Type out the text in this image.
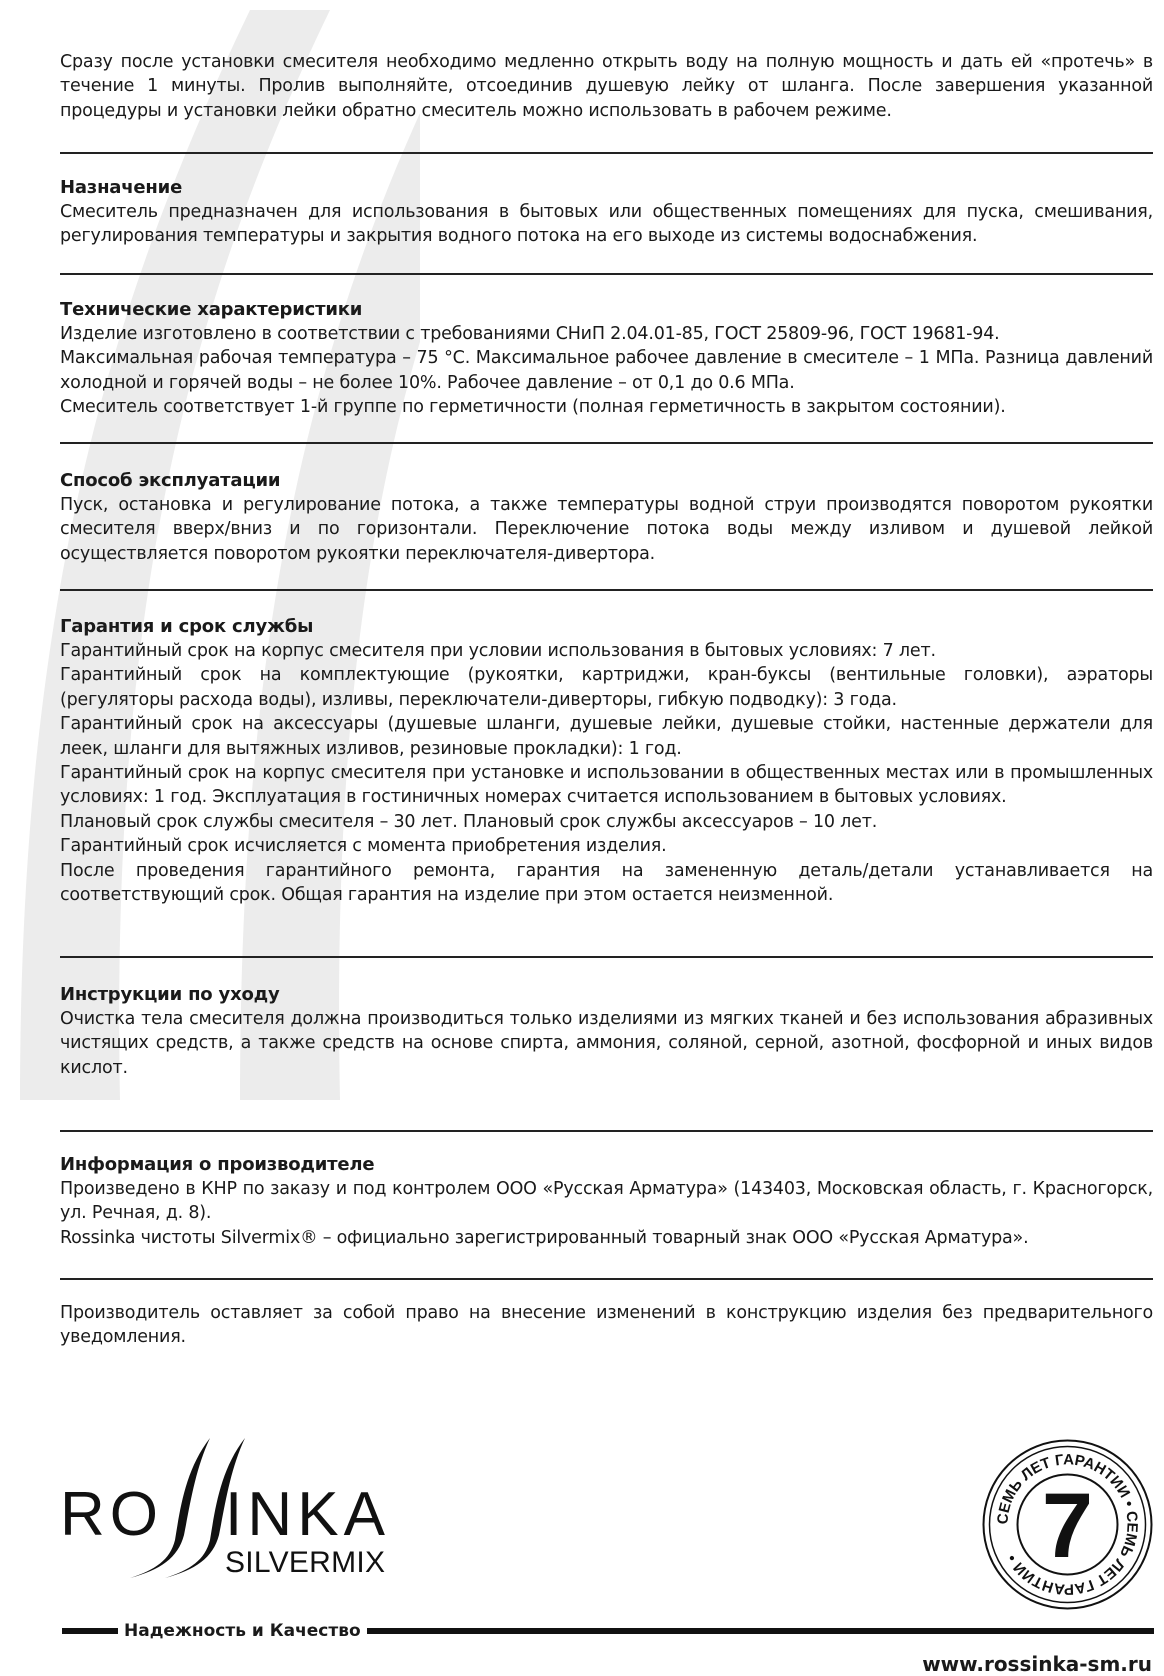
Сразу после установки смесителя необходимо медленно открыть воду на полную мощность и дать ей «протечь» в течение 1 минуты. Пролив выполняйте, отсоединив душевую лейку от шланга. После завершения указанной процедуры и установки лейки обратно смеситель можно использовать в рабочем режиме.

Назначение

Смеситель предназначен для использования в бытовых или общественных помещениях для пуска, смешивания, регулирования температуры и закрытия водного потока на его выходе из системы водоснабжения.

Технические характеристики

Изделие изготовлено в соответствии с требованиями СНиП 2.04.01-85, ГОСТ 25809-96, ГОСТ 19681-94.

Максимальная рабочая температура – 75 °С. Максимальное рабочее давление в смесителе – 1 МПа. Разница давлений холодной и горячей воды – не более 10%. Рабочее давление – от 0,1 до 0.6 МПа.

Смеситель соответствует 1-й группе по герметичности (полная герметичность в закрытом состоянии).

Способ эксплуатации

Пуск, остановка и регулирование потока, а также температуры водной струи производятся поворотом рукоятки смесителя вверх/вниз и по горизонтали. Переключение потока воды между изливом и душевой лейкой осуществляется поворотом рукоятки переключателя-дивертора.

Гарантия и срок службы

Гарантийный срок на корпус смесителя при условии использования в бытовых условиях: 7 лет.

Гарантийный срок на комплектующие (рукоятки, картриджи, кран-буксы (вентильные головки), аэраторы (регуляторы расхода воды), изливы, переключатели-диверторы, гибкую подводку): 3 года.

Гарантийный срок на аксессуары (душевые шланги, душевые лейки, душевые стойки, настенные держатели для леек, шланги для вытяжных изливов, резиновые прокладки): 1 год.

Гарантийный срок на корпус смесителя при установке и использовании в общественных местах или в промышленных условиях: 1 год. Эксплуатация в гостиничных номерах считается использованием в бытовых условиях.

Плановый срок службы смесителя – 30 лет. Плановый срок службы аксессуаров – 10 лет.

Гарантийный срок исчисляется с момента приобретения изделия.

После проведения гарантийного ремонта, гарантия на замененную деталь/детали устанавливается на соответствующий срок. Общая гарантия на изделие при этом остается неизменной.

Инструкции по уходу

Очистка тела смесителя должна производиться только изделиями из мягких тканей и без использования абразивных чистящих средств, а также средств на основе спирта, аммония, соляной, серной, азотной, фосфорной и иных видов кислот.

Информация о производителе

Произведено в КНР по заказу и под контролем ООО «Русская Арматура» (143403, Московская область, г. Красногорск, ул. Речная, д. 8).

Rossinka чистоты Silvermix® – официально зарегистрированный товарный знак ООО «Русская Арматура».

Производитель оставляет за собой право на внесение изменений в конструкцию изделия без предварительного уведомления.

RO INKA
SILVERMIX
СЕМЬ ЛЕТ ГАРАНТИИ • СЕМЬ ЛЕТ ГАРАНТИИ • 7
Надежность и Качество
www.rossinka-sm.ru
